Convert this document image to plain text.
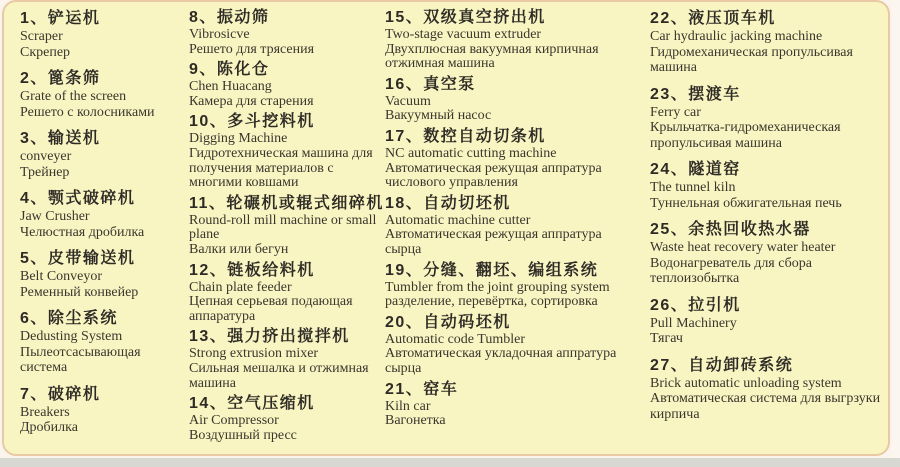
1、铲运机
Scraper
Скрепер
2、篦条筛
Grate of the screen
Решето с колосниками
3、输送机
conveyer
Трейнер
4、颚式破碎机
Jaw Crusher
Челюстная дробилка
5、皮带输送机
Belt Conveyor
Ременный конвейер
6、除尘系统
Dedusting System
Пылеотсасывающая система
7、破碎机
Breakers
Дробилка
8、振动筛
Vibrosicve
Решето для трясения
9、陈化仓
Chen Huacang
Камера для старения
10、多斗挖料机
Digging Machine
Гидротехническая машина для получения материалов с многими ковшами
11、轮碾机或辊式细碎机
Round-roll mill machine or small plane
Валки или бегун
12、链板给料机
Chain plate feeder
Цепная серьевая подающая аппаратура
13、强力挤出搅拌机
Strong extrusion mixer
Сильная мешалка и отжимная машина
14、空气压缩机
Air Compressor
Воздушный пресс
15、双级真空挤出机
Two-stage vacuum extruder
Двухплюсная вакуумная кирпичная отжимная машина
16、真空泵
Vacuum
Вакуумный насос
17、数控自动切条机
NC automatic cutting machine
Автоматическая режущая аппратура числового управления
18、自动切坯机
Automatic machine cutter
Автоматическая режущая аппратура сырца
19、分缝、翻坯、编组系统
Tumbler from the joint grouping system
разделение, перевёртка, сортировка
20、自动码坯机
Automatic code Tumbler
Автоматическая укладочная аппратура сырца
21、窑车
Kiln car
Вагонетка
22、液压顶车机
Car hydraulic jacking machine
Гидромеханическая пропульсивая машина
23、摆渡车
Ferry car
Крыльчатка-гидромеханическая пропульсивая машина
24、隧道窑
The tunnel kiln
Туннельная обжигательная печь
25、余热回收热水器
Waste heat recovery water heater
Водонагреватель для сбора теплоизобытка
26、拉引机
Pull Machinery
Тягач
27、自动卸砖系统
Brick automatic unloading system
Автоматическая система для выгрзуки кирпича
